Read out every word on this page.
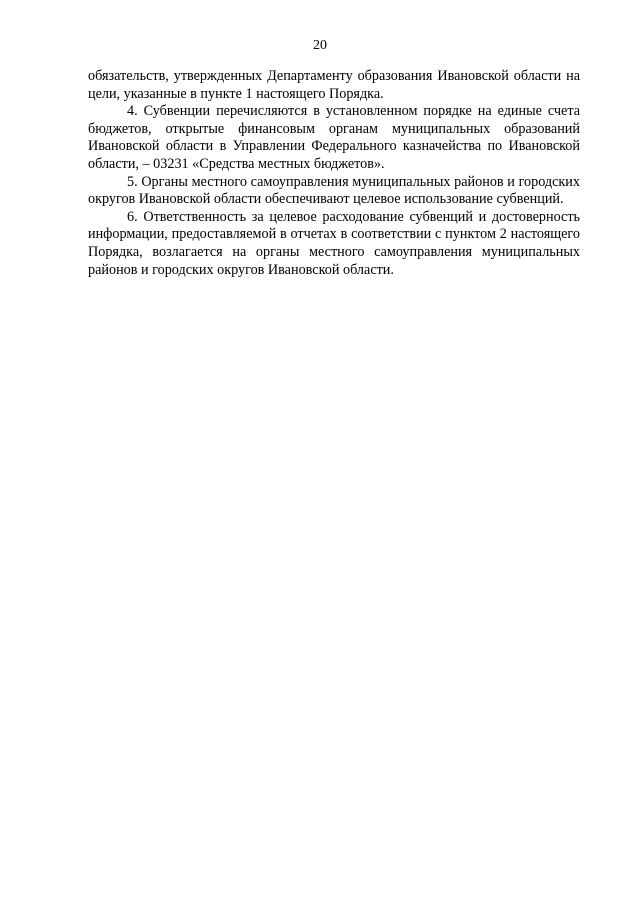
20

обязательств, утвержденных Департаменту образования Ивановской области на цели, указанные в пункте 1 настоящего Порядка.

4. Субвенции перечисляются в установленном порядке на единые счета бюджетов, открытые финансовым органам муниципальных образований Ивановской области в Управлении Федерального казначейства по Ивановской области, – 03231 «Средства местных бюджетов».

5. Органы местного самоуправления муниципальных районов и городских округов Ивановской области обеспечивают целевое использование субвенций.

6. Ответственность за целевое расходование субвенций и достоверность информации, предоставляемой в отчетах в соответствии с пунктом 2 настоящего Порядка, возлагается на органы местного самоуправления муниципальных районов и городских округов Ивановской области.
